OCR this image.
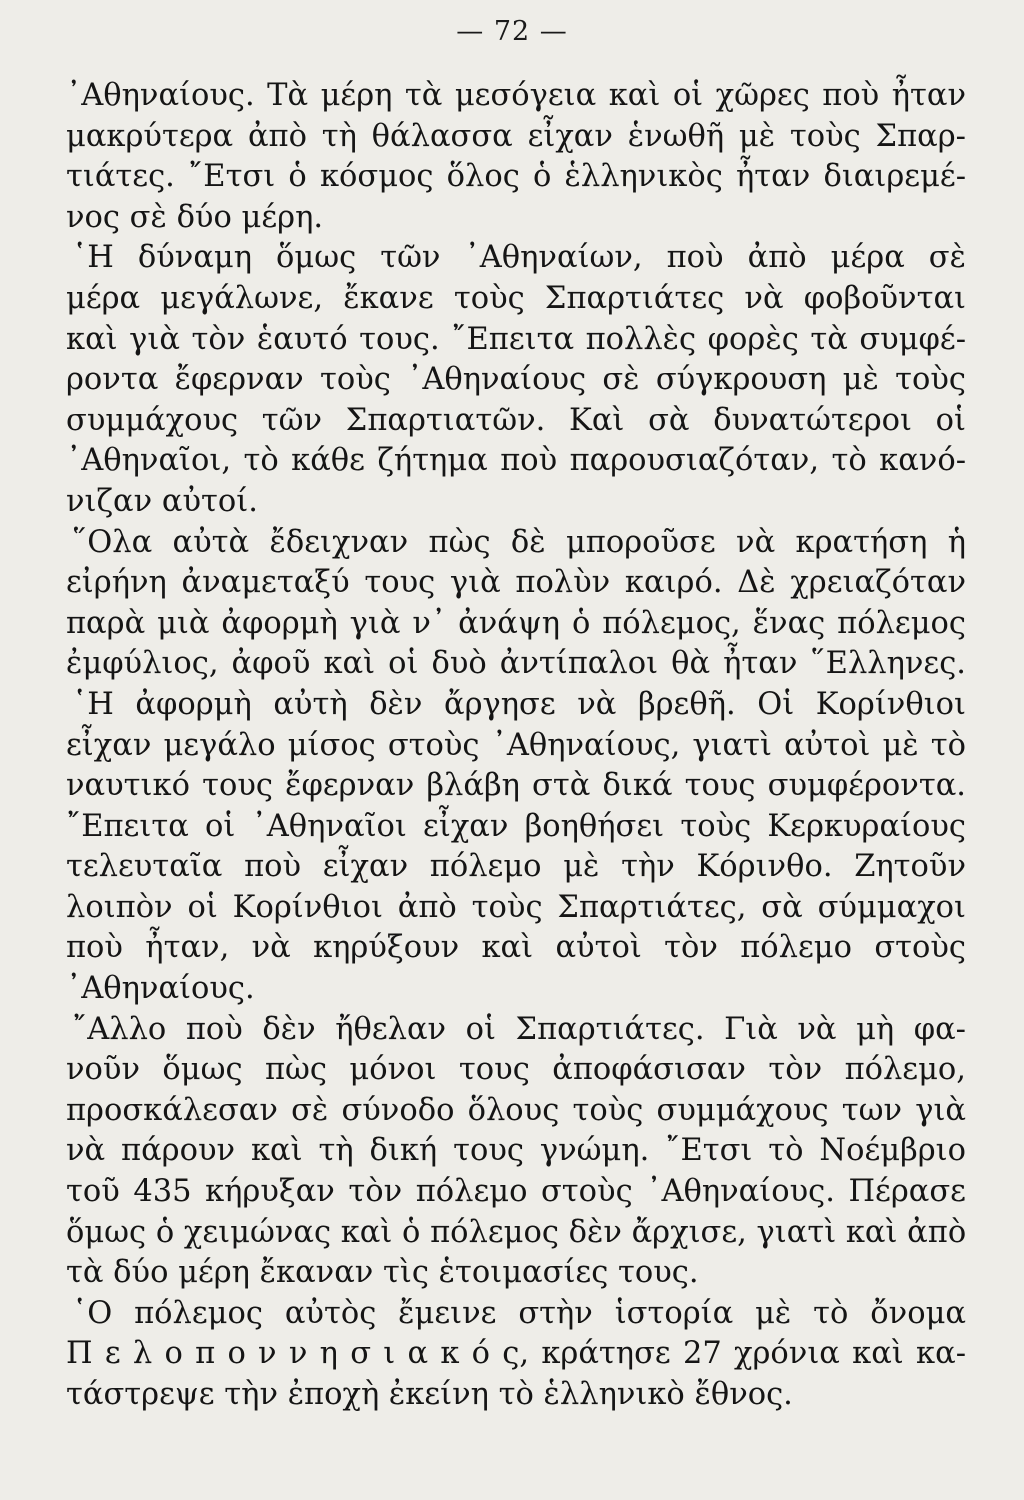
— 72 —
᾿Αθηναίους. Τὰ μέρη τὰ μεσόγεια καὶ οἱ χῶρες ποὺ ἦταν
μακρύτερα ἀπὸ τὴ θάλασσα εἶχαν ἑνωθῆ μὲ τοὺς Σπαρ-
τιάτες. ῎Ετσι ὁ κόσμος ὅλος ὁ ἑλληνικὸς ἦταν διαιρεμέ-
νος σὲ δύο μέρη.
῾Η δύναμη ὅμως τῶν ᾿Αθηναίων, ποὺ ἀπὸ μέρα σὲ
μέρα μεγάλωνε, ἔκανε τοὺς Σπαρτιάτες νὰ φοβοῦνται
καὶ γιὰ τὸν ἑαυτό τους. ῎Επειτα πολλὲς φορὲς τὰ συμφέ-
ροντα ἔφερναν τοὺς ᾿Αθηναίους σὲ σύγκρουση μὲ τοὺς
συμμάχους τῶν Σπαρτιατῶν. Καὶ σὰ δυνατώτεροι οἱ
᾿Αθηναῖοι, τὸ κάθε ζήτημα ποὺ παρουσιαζόταν, τὸ κανό-
νιζαν αὐτοί.
῞Ολα αὐτὰ ἔδειχναν πὼς δὲ μποροῦσε νὰ κρατήση ἡ
εἰρήνη ἀναμεταξύ τους γιὰ πολὺν καιρό. Δὲ χρειαζόταν
παρὰ μιὰ ἀφορμὴ γιὰ ν᾿ ἀνάψη ὁ πόλεμος, ἕνας πόλεμος
ἐμφύλιος, ἀφοῦ καὶ οἱ δυὸ ἀντίπαλοι θὰ ἦταν ῞Ελληνες.
῾Η ἀφορμὴ αὐτὴ δὲν ἄργησε νὰ βρεθῆ. Οἱ Κορίνθιοι
εἶχαν μεγάλο μίσος στοὺς ᾿Αθηναίους, γιατὶ αὐτοὶ μὲ τὸ
ναυτικό τους ἔφερναν βλάβη στὰ δικά τους συμφέροντα.
῎Επειτα οἱ ᾿Αθηναῖοι εἶχαν βοηθήσει τοὺς Κερκυραίους
τελευταῖα ποὺ εἶχαν πόλεμο μὲ τὴν Κόρινθο. Ζητοῦν
λοιπὸν οἱ Κορίνθιοι ἀπὸ τοὺς Σπαρτιάτες, σὰ σύμμαχοι
ποὺ ἦταν, νὰ κηρύξουν καὶ αὐτοὶ τὸν πόλεμο στοὺς
᾿Αθηναίους.
῎Αλλο ποὺ δὲν ἤθελαν οἱ Σπαρτιάτες. Γιὰ νὰ μὴ φα-
νοῦν ὅμως πὼς μόνοι τους ἀποφάσισαν τὸν πόλεμο,
προσκάλεσαν σὲ σύνοδο ὅλους τοὺς συμμάχους των γιὰ
νὰ πάρουν καὶ τὴ δική τους γνώμη. ῎Ετσι τὸ Νοέμβριο
τοῦ 435 κήρυξαν τὸν πόλεμο στοὺς ᾿Αθηναίους. Πέρασε
ὅμως ὁ χειμώνας καὶ ὁ πόλεμος δὲν ἄρχισε, γιατὶ καὶ ἀπὸ
τὰ δύο μέρη ἔκαναν τὶς ἑτοιμασίες τους.
῾Ο πόλεμος αὐτὸς ἔμεινε στὴν ἱστορία μὲ τὸ ὄνομα
Π ε λ ο π ο ν ν η σ ι α κ ό ς, κράτησε 27 χρόνια καὶ κα-
τάστρεψε τὴν ἐποχὴ ἐκείνη τὸ ἑλληνικὸ ἔθνος.
